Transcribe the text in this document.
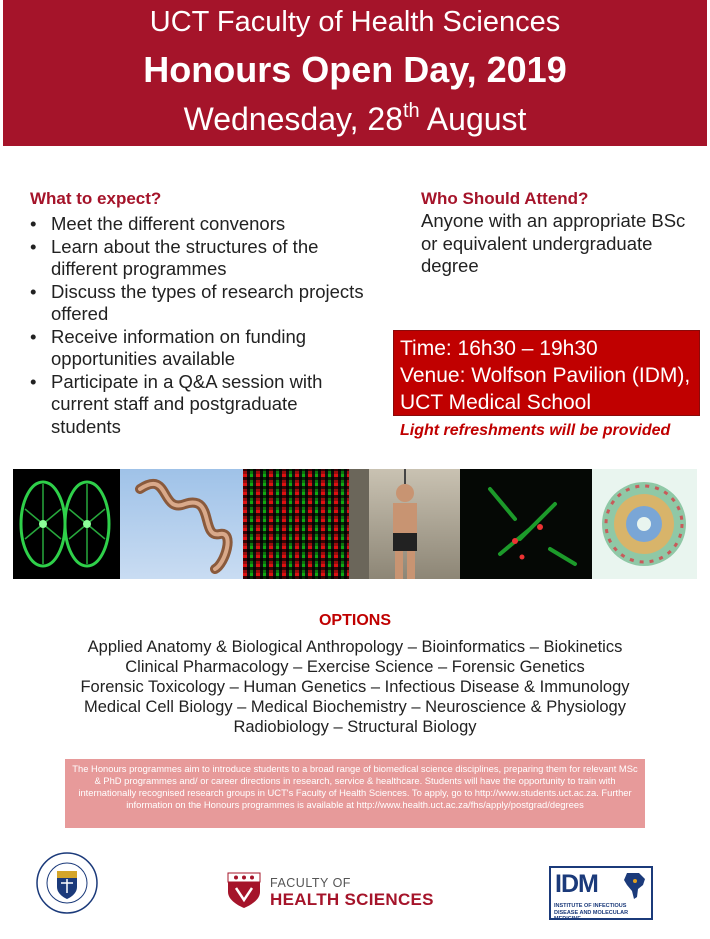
UCT Faculty of Health Sciences
Honours Open Day, 2019
Wednesday, 28th August
What to expect?
• Meet the different convenors
• Learn about the structures of the different programmes
• Discuss the types of research projects offered
• Receive information on funding opportunities available
• Participate in a Q&A session with current staff and postgraduate students
Who Should Attend?
Anyone with an appropriate BSc or equivalent undergraduate degree
Time: 16h30 – 19h30
Venue: Wolfson Pavilion (IDM), UCT Medical School
Light refreshments will be provided
OPTIONS
Applied Anatomy & Biological Anthropology – Bioinformatics – Biokinetics
Clinical Pharmacology – Exercise Science – Forensic Genetics
Forensic Toxicology – Human Genetics – Infectious Disease & Immunology
Medical Cell Biology – Medical Biochemistry – Neuroscience & Physiology
Radiobiology – Structural Biology
The Honours programmes aim to introduce students to a broad range of biomedical science disciplines, preparing them for relevant MSc & PhD programmes and/ or career directions in research, service & healthcare. Students will have the opportunity to train with internationally recognised research groups in UCT's Faculty of Health Sciences. To apply, go to http://www.students.uct.ac.za. Further information on the Honours programmes is available at http://www.health.uct.ac.za/fhs/apply/postgrad/degrees
FACULTY OF
HEALTH SCIENCES
IDM
INSTITUTE OF INFECTIOUS DISEASE AND MOLECULAR MEDICINE
